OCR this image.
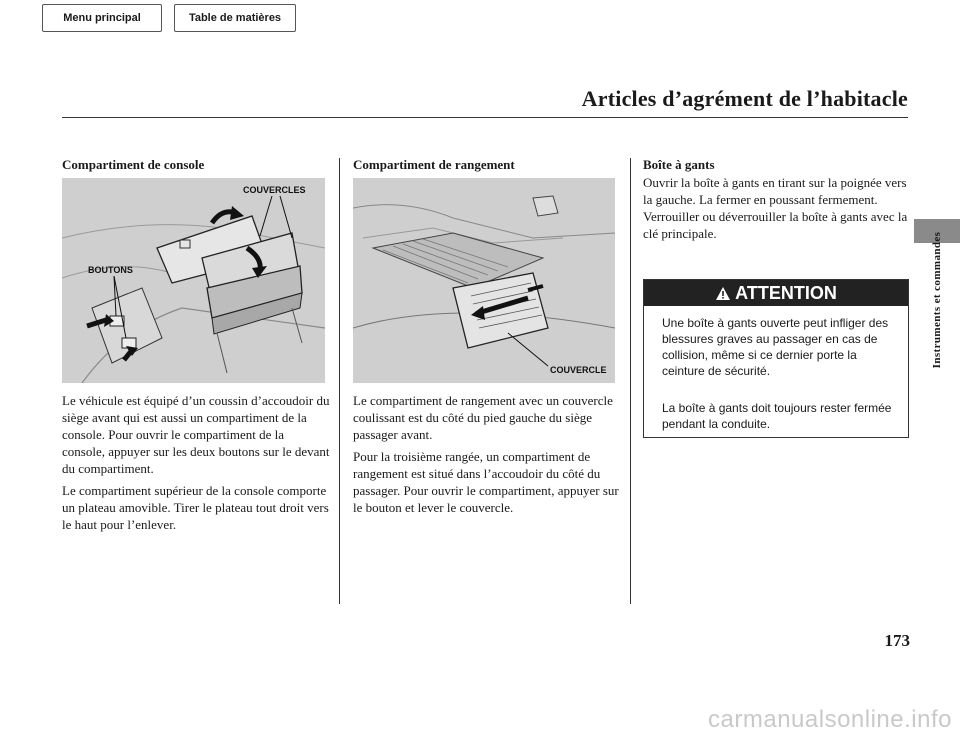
Menu principal	Table de matières
Articles d’agrément de l’habitacle
Instruments et commandes
Compartiment de console
COUVERCLES
BOUTONS

Le véhicule est équipé d’un coussin d’accoudoir du siège avant qui est aussi un compartiment de la console. Pour ouvrir le compartiment de la console, appuyer sur les deux boutons sur le devant du compartiment.

Le compartiment supérieur de la console comporte un plateau amovible. Tirer le plateau tout droit vers le haut pour l’enlever.

Compartiment de rangement
COUVERCLE

Le compartiment de rangement avec un couvercle coulissant est du côté du pied gauche du siège passager avant.

Pour la troisième rangée, un compartiment de rangement est situé dans l’accoudoir du côté du passager. Pour ouvrir le compartiment, appuyer sur le bouton et lever le couvercle.

Boîte à gants

Ouvrir la boîte à gants en tirant sur la poignée vers la gauche. La fermer en poussant fermement. Verrouiller ou déverrouiller la boîte à gants avec la clé principale.

ATTENTION

Une boîte à gants ouverte peut infliger des blessures graves au passager en cas de collision, même si ce dernier porte la ceinture de sécurité.

La boîte à gants doit toujours rester fermée pendant la conduite.

173
carmanualsonline.info
